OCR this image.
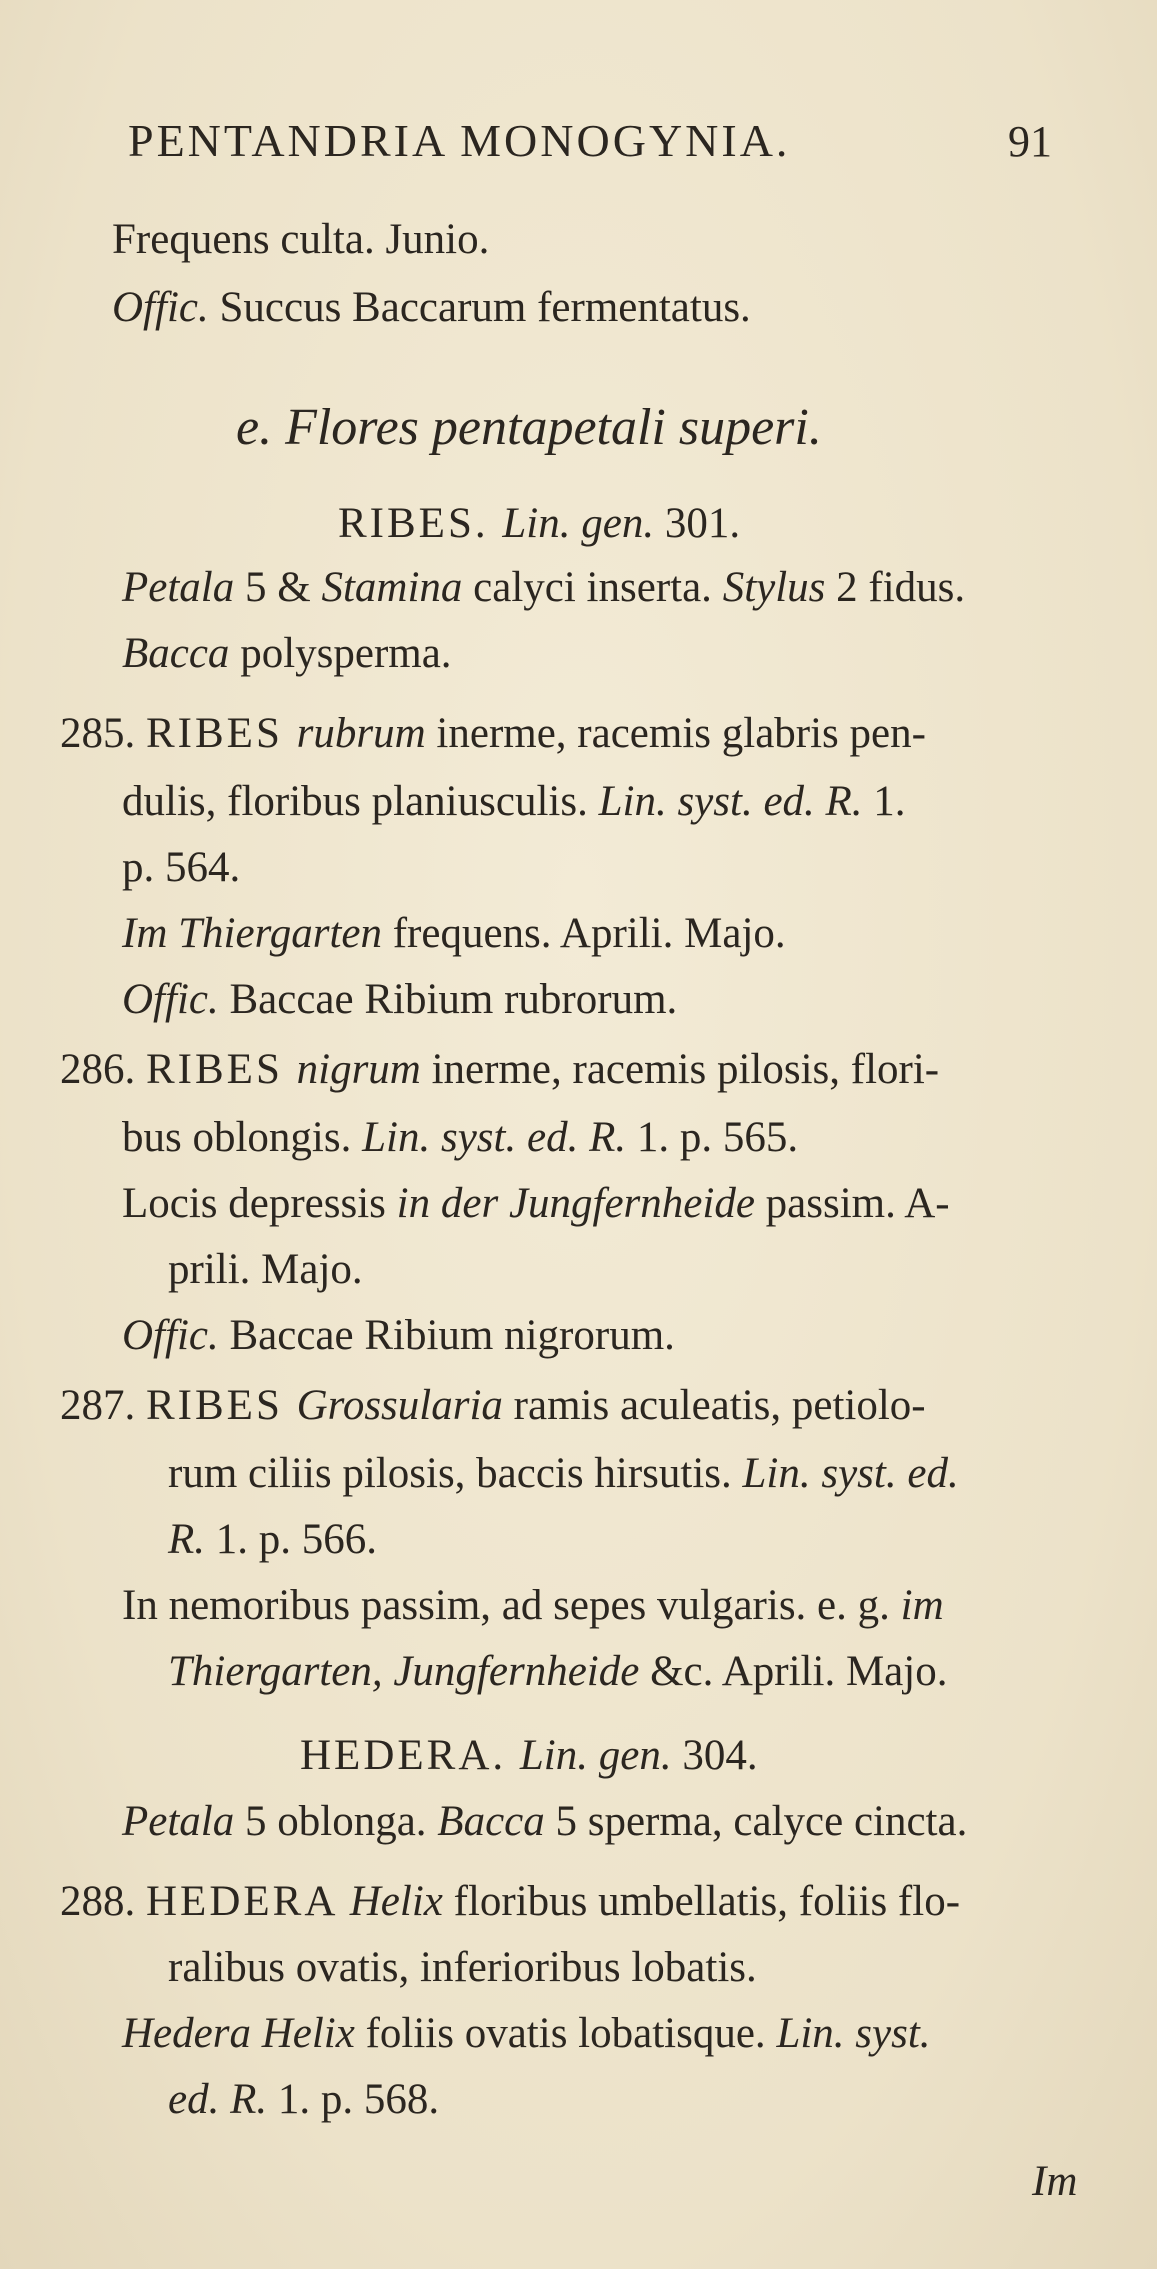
PENTANDRIA MONOGYNIA.	91
Frequens culta. Junio.
Offic. Succus Baccarum fermentatus.
e. Flores pentapetali superi.
RIBES. Lin. gen. 301.
Petala 5 & Stamina calyci inserta. Stylus 2 fidus.
Bacca polysperma.
285. RIBES rubrum inerme, racemis glabris pen-
dulis, floribus planiusculis. Lin. syst. ed. R. 1.
p. 564.
Im Thiergarten frequens. Aprili. Majo.
Offic. Baccae Ribium rubrorum.
286. RIBES nigrum inerme, racemis pilosis, flori-
bus oblongis. Lin. syst. ed. R. 1. p. 565.
Locis depressis in der Jungfernheide passim. A-
prili. Majo.
Offic. Baccae Ribium nigrorum.
287. RIBES Grossularia ramis aculeatis, petiolo-
rum ciliis pilosis, baccis hirsutis. Lin. syst. ed.
R. 1. p. 566.
In nemoribus passim, ad sepes vulgaris. e. g. im
Thiergarten, Jungfernheide &c. Aprili. Majo.
HEDERA. Lin. gen. 304.
Petala 5 oblonga. Bacca 5 sperma, calyce cincta.
288. HEDERA Helix floribus umbellatis, foliis flo-
ralibus ovatis, inferioribus lobatis.
Hedera Helix foliis ovatis lobatisque. Lin. syst.
ed. R. 1. p. 568.
Im
